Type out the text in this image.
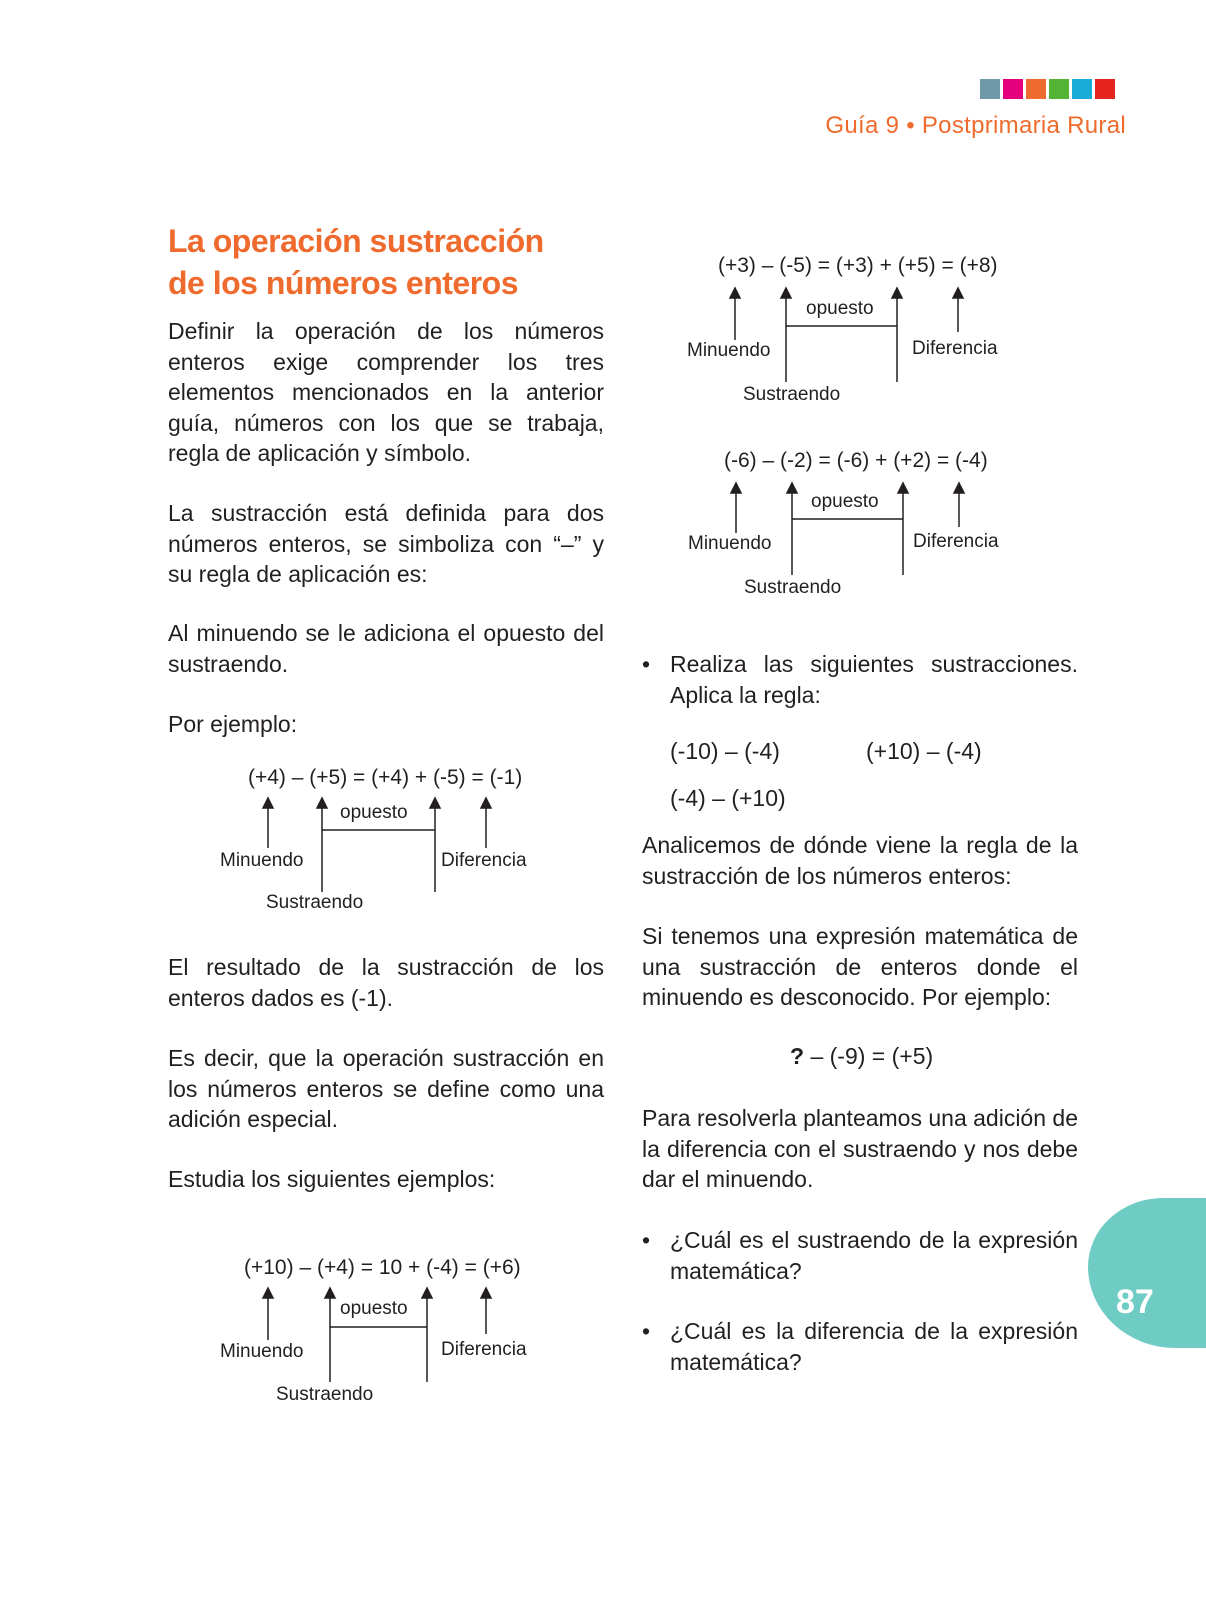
Guía 9 • Postprimaria Rural
La operación sustracción
de los números enteros
Definir la operación de los números enteros exige comprender los tres elementos mencionados en la anterior guía, números con los que se trabaja, regla de aplicación y símbolo.
La sustracción está definida para dos números enteros, se simboliza con “–” y su regla de aplicación es:
Al minuendo se le adiciona el opuesto del sustraendo.
Por ejemplo:
(+4) – (+5) = (+4) + (-5) = (-1)
opuesto
Minuendo	Diferencia
Sustraendo
El resultado de la sustracción de los enteros dados es (-1).
Es decir, que la operación sustracción en los números enteros se define como una adición especial.
Estudia los siguientes ejemplos:
(+10) – (+4) = 10 + (-4) = (+6)
opuesto
Minuendo	Diferencia
Sustraendo
(+3) – (-5) = (+3) + (+5) = (+8)
opuesto
Minuendo	Diferencia
Sustraendo
(-6) – (-2) = (-6) + (+2) = (-4)
opuesto
Minuendo	Diferencia
Sustraendo
• Realiza las siguientes sustracciones. Aplica la regla:
(-10) – (-4)	(+10) – (-4)
(-4) – (+10)
Analicemos de dónde viene la regla de la sustracción de los números enteros:
Si tenemos una expresión matemática de una sustracción de enteros donde el minuendo es desconocido. Por ejemplo:
? – (-9) = (+5)
Para resolverla planteamos una adición de la diferencia con el sustraendo y nos debe dar el minuendo.
• ¿Cuál es el sustraendo de la expresión matemática?
• ¿Cuál es la diferencia de la expresión matemática?
87
